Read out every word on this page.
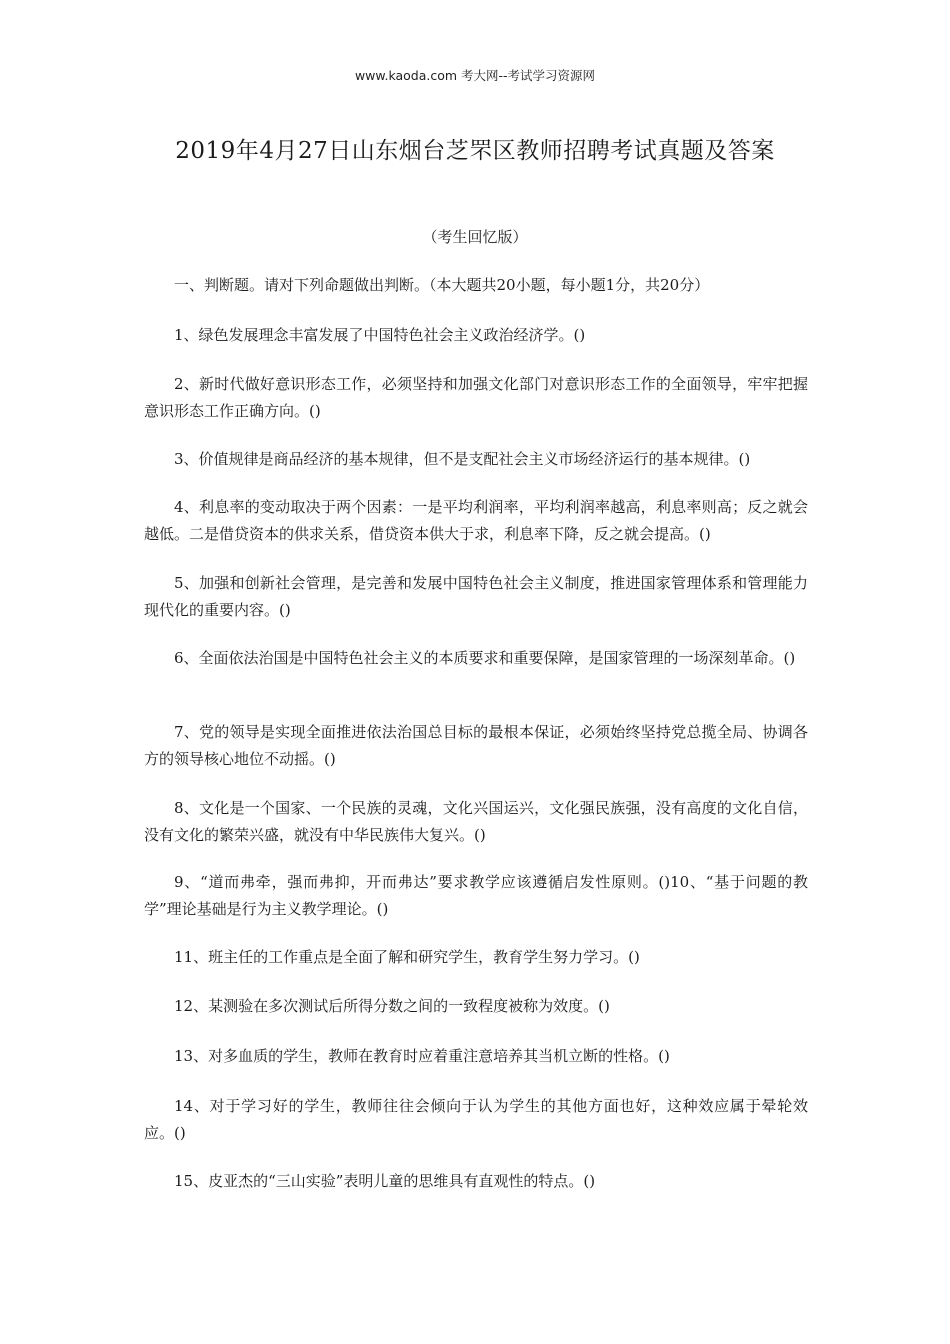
www.kaoda.com 考大网--考试学习资源网
2019年4月27日山东烟台芝罘区教师招聘考试真题及答案
（考生回忆版）

一、判断题。请对下列命题做出判断。（本大题共20小题，每小题1分，共20分）

1、绿色发展理念丰富发展了中国特色社会主义政治经济学。()

2、新时代做好意识形态工作，必须坚持和加强文化部门对意识形态工作的全面领导，牢牢把握意识形态工作正确方向。()

3、价值规律是商品经济的基本规律，但不是支配社会主义市场经济运行的基本规律。()

4、利息率的变动取决于两个因素：一是平均利润率，平均利润率越高，利息率则高；反之就会越低。二是借贷资本的供求关系，借贷资本供大于求，利息率下降，反之就会提高。()

5、加强和创新社会管理，是完善和发展中国特色社会主义制度，推进国家管理体系和管理能力现代化的重要内容。()

6、全面依法治国是中国特色社会主义的本质要求和重要保障，是国家管理的一场深刻革命。()

7、党的领导是实现全面推进依法治国总目标的最根本保证，必须始终坚持党总揽全局、协调各方的领导核心地位不动摇。()

8、文化是一个国家、一个民族的灵魂，文化兴国运兴，文化强民族强，没有高度的文化自信，没有文化的繁荣兴盛，就没有中华民族伟大复兴。()

9、“道而弗牵，强而弗抑，开而弗达”要求教学应该遵循启发性原则。()10、“基于问题的教学”理论基础是行为主义教学理论。()

11、班主任的工作重点是全面了解和研究学生，教育学生努力学习。()

12、某测验在多次测试后所得分数之间的一致程度被称为效度。()

13、对多血质的学生，教师在教育时应着重注意培养其当机立断的性格。()

14、对于学习好的学生，教师往往会倾向于认为学生的其他方面也好，这种效应属于晕轮效应。()

15、皮亚杰的“三山实验”表明儿童的思维具有直观性的特点。()
